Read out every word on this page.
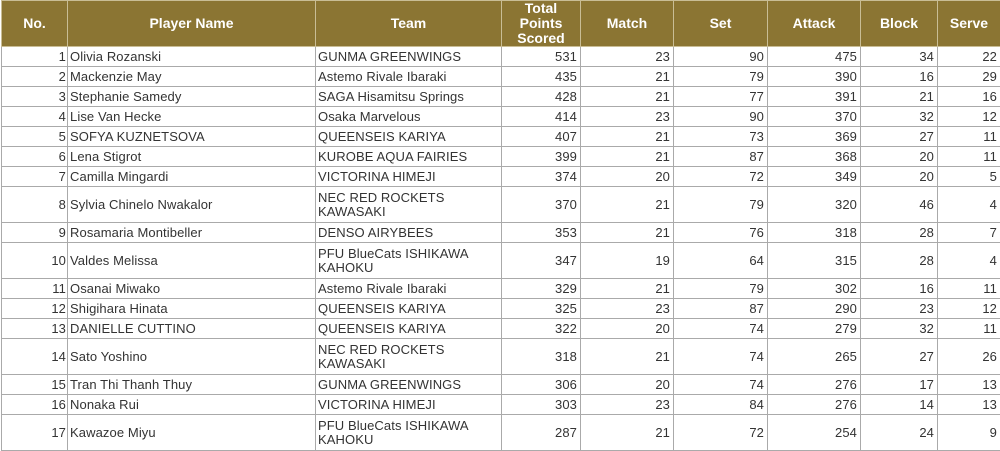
No.	Player Name	Team	Total
Points
Scored	Match	Set	Attack	Block	Serve
1	Olivia Rozanski	GUNMA GREENWINGS	531	23	90	475	34	22
2	Mackenzie May	Astemo Rivale Ibaraki	435	21	79	390	16	29
3	Stephanie Samedy	SAGA Hisamitsu Springs	428	21	77	391	21	16
4	Lise Van Hecke	Osaka Marvelous	414	23	90	370	32	12
5	SOFYA KUZNETSOVA	QUEENSEIS KARIYA	407	21	73	369	27	11
6	Lena Stigrot	KUROBE AQUA FAIRIES	399	21	87	368	20	11
7	Camilla Mingardi	VICTORINA HIMEJI	374	20	72	349	20	5
8	Sylvia Chinelo Nwakalor	NEC RED ROCKETS
KAWASAKI	370	21	79	320	46	4
9	Rosamaria Montibeller	DENSO AIRYBEES	353	21	76	318	28	7
10	Valdes Melissa	PFU BlueCats ISHIKAWA
KAHOKU	347	19	64	315	28	4
11	Osanai Miwako	Astemo Rivale Ibaraki	329	21	79	302	16	11
12	Shigihara Hinata	QUEENSEIS KARIYA	325	23	87	290	23	12
13	DANIELLE CUTTINO	QUEENSEIS KARIYA	322	20	74	279	32	11
14	Sato Yoshino	NEC RED ROCKETS
KAWASAKI	318	21	74	265	27	26
15	Tran Thi Thanh Thuy	GUNMA GREENWINGS	306	20	74	276	17	13
16	Nonaka Rui	VICTORINA HIMEJI	303	23	84	276	14	13
17	Kawazoe Miyu	PFU BlueCats ISHIKAWA
KAHOKU	287	21	72	254	24	9
